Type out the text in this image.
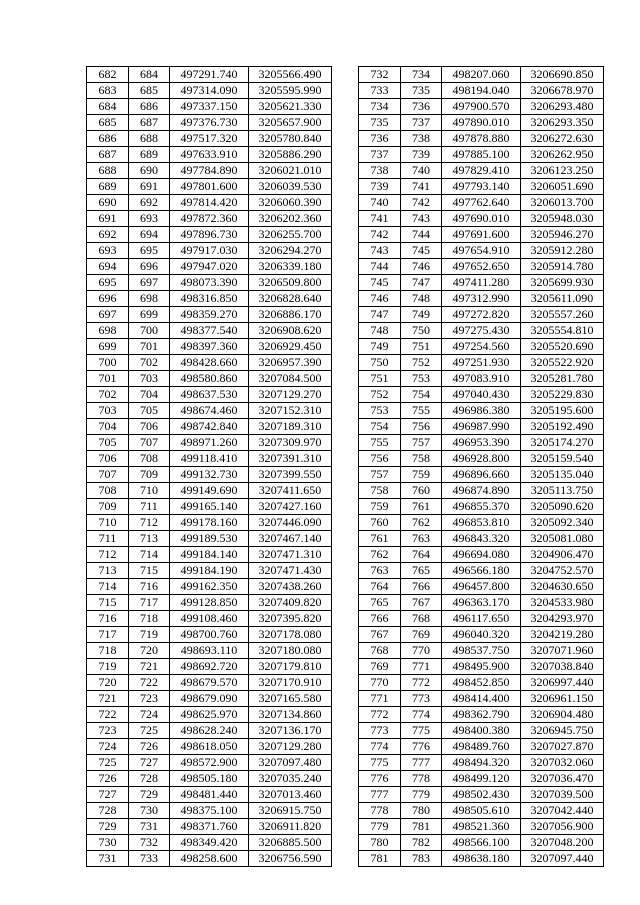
682	684	497291.740	3205566.490
683	685	497314.090	3205595.990
684	686	497337.150	3205621.330
685	687	497376.730	3205657.900
686	688	497517.320	3205780.840
687	689	497633.910	3205886.290
688	690	497784.890	3206021.010
689	691	497801.600	3206039.530
690	692	497814.420	3206060.390
691	693	497872.360	3206202.360
692	694	497896.730	3206255.700
693	695	497917.030	3206294.270
694	696	497947.020	3206339.180
695	697	498073.390	3206509.800
696	698	498316.850	3206828.640
697	699	498359.270	3206886.170
698	700	498377.540	3206908.620
699	701	498397.360	3206929.450
700	702	498428.660	3206957.390
701	703	498580.860	3207084.500
702	704	498637.530	3207129.270
703	705	498674.460	3207152.310
704	706	498742.840	3207189.310
705	707	498971.260	3207309.970
706	708	499118.410	3207391.310
707	709	499132.730	3207399.550
708	710	499149.690	3207411.650
709	711	499165.140	3207427.160
710	712	499178.160	3207446.090
711	713	499189.530	3207467.140
712	714	499184.140	3207471.310
713	715	499184.190	3207471.430
714	716	499162.350	3207438.260
715	717	499128.850	3207409.820
716	718	499108.460	3207395.820
717	719	498700.760	3207178.080
718	720	498693.110	3207180.080
719	721	498692.720	3207179.810
720	722	498679.570	3207170.910
721	723	498679.090	3207165.580
722	724	498625.970	3207134.860
723	725	498628.240	3207136.170
724	726	498618.050	3207129.280
725	727	498572.900	3207097.480
726	728	498505.180	3207035.240
727	729	498481.440	3207013.460
728	730	498375.100	3206915.750
729	731	498371.760	3206911.820
730	732	498349.420	3206885.500
731	733	498258.600	3206756.590
732	734	498207.060	3206690.850
733	735	498194.040	3206678.970
734	736	497900.570	3206293.480
735	737	497890.010	3206293.350
736	738	497878.880	3206272.630
737	739	497885.100	3206262.950
738	740	497829.410	3206123.250
739	741	497793.140	3206051.690
740	742	497762.640	3206013.700
741	743	497690.010	3205948.030
742	744	497691.600	3205946.270
743	745	497654.910	3205912.280
744	746	497652.650	3205914.780
745	747	497411.280	3205699.930
746	748	497312.990	3205611.090
747	749	497272.820	3205557.260
748	750	497275.430	3205554.810
749	751	497254.560	3205520.690
750	752	497251.930	3205522.920
751	753	497083.910	3205281.780
752	754	497040.430	3205229.830
753	755	496986.380	3205195.600
754	756	496987.990	3205192.490
755	757	496953.390	3205174.270
756	758	496928.800	3205159.540
757	759	496896.660	3205135.040
758	760	496874.890	3205113.750
759	761	496855.370	3205090.620
760	762	496853.810	3205092.340
761	763	496843.320	3205081.080
762	764	496694.080	3204906.470
763	765	496566.180	3204752.570
764	766	496457.800	3204630.650
765	767	496363.170	3204533.980
766	768	496117.650	3204293.970
767	769	496040.320	3204219.280
768	770	498537.750	3207071.960
769	771	498495.900	3207038.840
770	772	498452.850	3206997.440
771	773	498414.400	3206961.150
772	774	498362.790	3206904.480
773	775	498400.380	3206945.750
774	776	498489.760	3207027.870
775	777	498494.320	3207032.060
776	778	498499.120	3207036.470
777	779	498502.430	3207039.500
778	780	498505.610	3207042.440
779	781	498521.360	3207056.900
780	782	498566.100	3207048.200
781	783	498638.180	3207097.440
